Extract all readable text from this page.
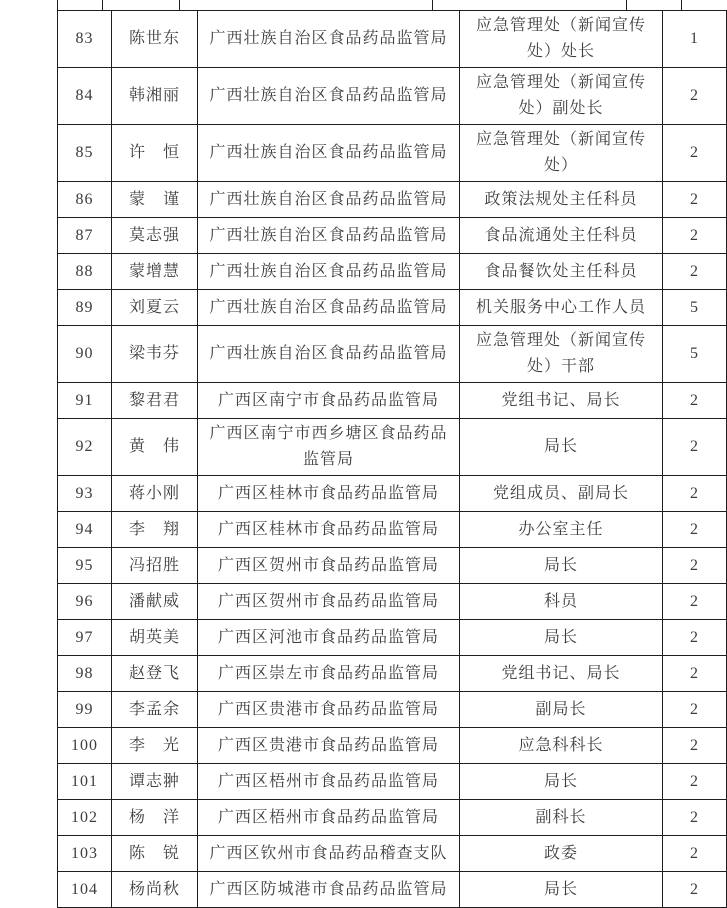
83	陈世东	广西壮族自治区食品药品监管局	应急管理处（新闻宣传处）处长	1
84	韩湘丽	广西壮族自治区食品药品监管局	应急管理处（新闻宣传处）副处长	2
85	许　恒	广西壮族自治区食品药品监管局	应急管理处（新闻宣传处）	2
86	蒙　谨	广西壮族自治区食品药品监管局	政策法规处主任科员	2
87	莫志强	广西壮族自治区食品药品监管局	食品流通处主任科员	2
88	蒙增慧	广西壮族自治区食品药品监管局	食品餐饮处主任科员	2
89	刘夏云	广西壮族自治区食品药品监管局	机关服务中心工作人员	5
90	梁韦芬	广西壮族自治区食品药品监管局	应急管理处（新闻宣传处）干部	5
91	黎君君	广西区南宁市食品药品监管局	党组书记、局长	2
92	黄　伟	广西区南宁市西乡塘区食品药品监管局	局长	2
93	蒋小刚	广西区桂林市食品药品监管局	党组成员、副局长	2
94	李　翔	广西区桂林市食品药品监管局	办公室主任	2
95	冯招胜	广西区贺州市食品药品监管局	局长	2
96	潘献威	广西区贺州市食品药品监管局	科员	2
97	胡英美	广西区河池市食品药品监管局	局长	2
98	赵登飞	广西区崇左市食品药品监管局	党组书记、局长	2
99	李孟余	广西区贵港市食品药品监管局	副局长	2
100	李　光	广西区贵港市食品药品监管局	应急科科长	2
101	谭志翀	广西区梧州市食品药品监管局	局长	2
102	杨　洋	广西区梧州市食品药品监管局	副科长	2
103	陈　锐	广西区钦州市食品药品稽查支队	政委	2
104	杨尚秋	广西区防城港市食品药品监管局	局长	2
